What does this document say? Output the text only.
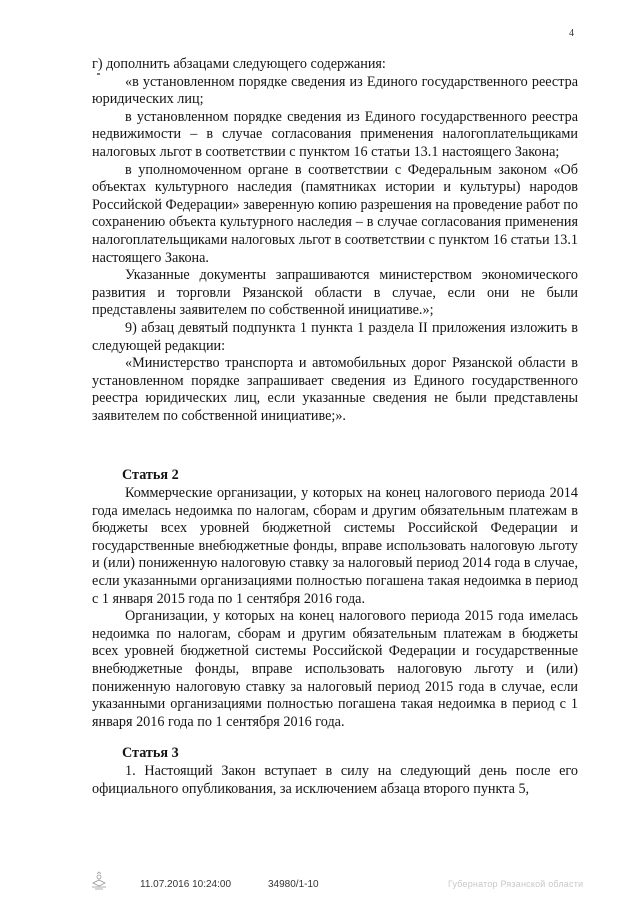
4

г) дополнить абзацами следующего содержания:

«в установленном порядке сведения из Единого государственного реестра юридических лиц;

в установленном порядке сведения из Единого государственного реестра недвижимости – в случае согласования применения налогоплательщиками налоговых льгот в соответствии с пунктом 16 статьи 13.1 настоящего Закона;

в уполномоченном органе в соответствии с Федеральным законом «Об объектах культурного наследия (памятниках истории и культуры) народов Российской Федерации» заверенную копию разрешения на проведение работ по сохранению объекта культурного наследия – в случае согласования применения налогоплательщиками налоговых льгот в соответствии с пунктом 16 статьи 13.1 настоящего Закона.

Указанные документы запрашиваются министерством экономического развития и торговли Рязанской области в случае, если они не были представлены заявителем по собственной инициативе.»;

9) абзац девятый подпункта 1 пункта 1 раздела II приложения изложить в следующей редакции:

«Министерство транспорта и автомобильных дорог Рязанской области в установленном порядке запрашивает сведения из Единого государственного реестра юридических лиц, если указанные сведения не были представлены заявителем по собственной инициативе;».

Статья 2

Коммерческие организации, у которых на конец налогового периода 2014 года имелась недоимка по налогам, сборам и другим обязательным платежам в бюджеты всех уровней бюджетной системы Российской Федерации и государственные внебюджетные фонды, вправе использовать налоговую льготу и (или) пониженную налоговую ставку за налоговый период 2014 года в случае, если указанными организациями полностью погашена такая недоимка в период с 1 января 2015 года по 1 сентября 2016 года.

Организации, у которых на конец налогового периода 2015 года имелась недоимка по налогам, сборам и другим обязательным платежам в бюджеты всех уровней бюджетной системы Российской Федерации и государственные внебюджетные фонды, вправе использовать налоговую льготу и (или) пониженную налоговую ставку за налоговый период 2015 года в случае, если указанными организациями полностью погашена такая недоимка в период с 1 января 2016 года по 1 сентября 2016 года.

Статья 3

1. Настоящий Закон вступает в силу на следующий день после его официального опубликования, за исключением абзаца второго пункта 5,

11.07.2016 10:24:00	34980/1-10	Губернатор Рязанской области
